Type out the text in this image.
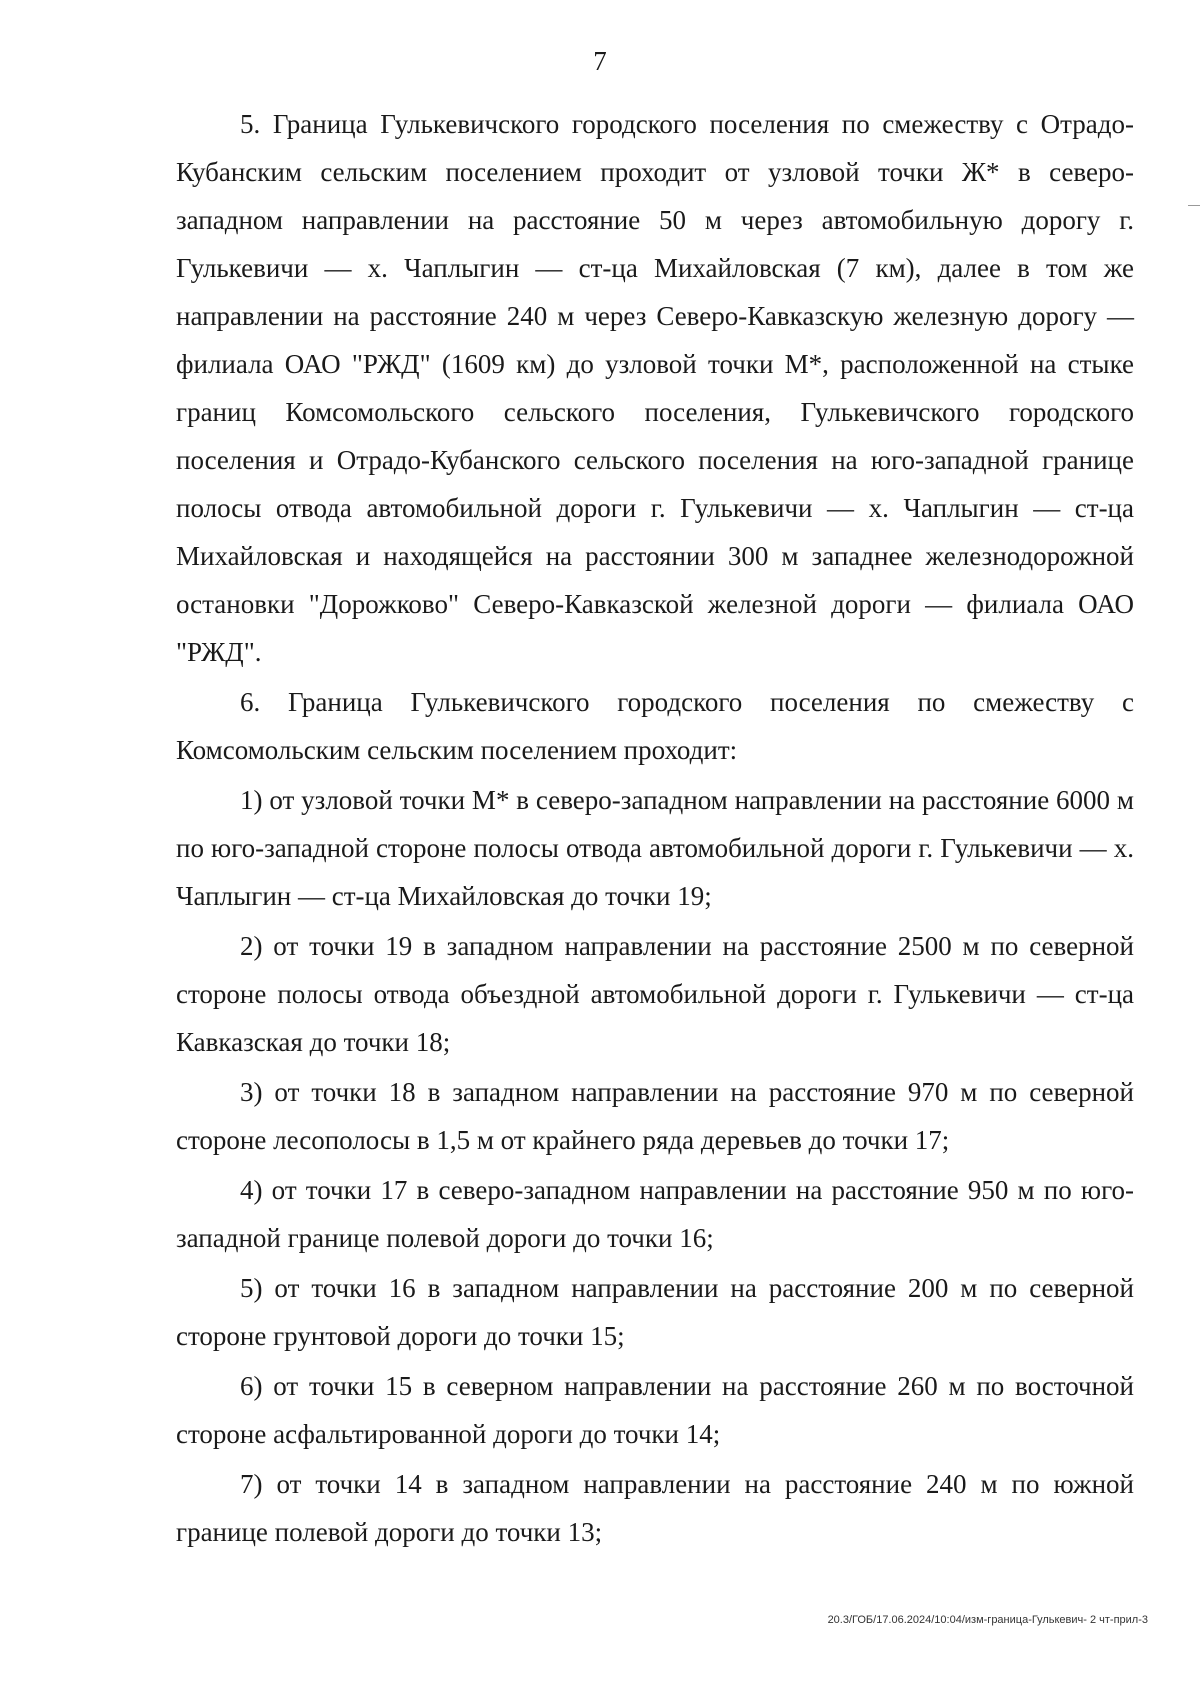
7

5. Граница Гулькевичского городского поселения по смежеству с Отрадо-Кубанским сельским поселением проходит от узловой точки Ж* в северо-западном направлении на расстояние 50 м через автомобильную дорогу г. Гулькевичи — х. Чаплыгин — ст-ца Михайловская (7 км), далее в том же направлении на расстояние 240 м через Северо-Кавказскую железную дорогу — филиала ОАО "РЖД" (1609 км) до узловой точки М*, расположенной на стыке границ Комсомольского сельского поселения, Гулькевичского городского поселения и Отрадо-Кубанского сельского поселения на юго-западной границе полосы отвода автомобильной дороги г. Гулькевичи — х. Чаплыгин — ст-ца Михайловская и находящейся на расстоянии 300 м западнее железнодорожной остановки "Дорожково" Северо-Кавказской железной дороги — филиала ОАО "РЖД".

6. Граница Гулькевичского городского поселения по смежеству с Комсомольским сельским поселением проходит:

1) от узловой точки М* в северо-западном направлении на расстояние 6000 м по юго-западной стороне полосы отвода автомобильной дороги г. Гулькевичи — х. Чаплыгин — ст-ца Михайловская до точки 19;
2) от точки 19 в западном направлении на расстояние 2500 м по северной стороне полосы отвода объездной автомобильной дороги г. Гулькевичи — ст-ца Кавказская до точки 18;
3) от точки 18 в западном направлении на расстояние 970 м по северной стороне лесополосы в 1,5 м от крайнего ряда деревьев до точки 17;
4) от точки 17 в северо-западном направлении на расстояние 950 м по юго-западной границе полевой дороги до точки 16;
5) от точки 16 в западном направлении на расстояние 200 м по северной стороне грунтовой дороги до точки 15;
6) от точки 15 в северном направлении на расстояние 260 м по восточной стороне асфальтированной дороги до точки 14;
7) от точки 14 в западном направлении на расстояние 240 м по южной границе полевой дороги до точки 13;
20.3/ГОБ/17.06.2024/10:04/изм-граница-Гулькевич- 2 чт-прил-3
